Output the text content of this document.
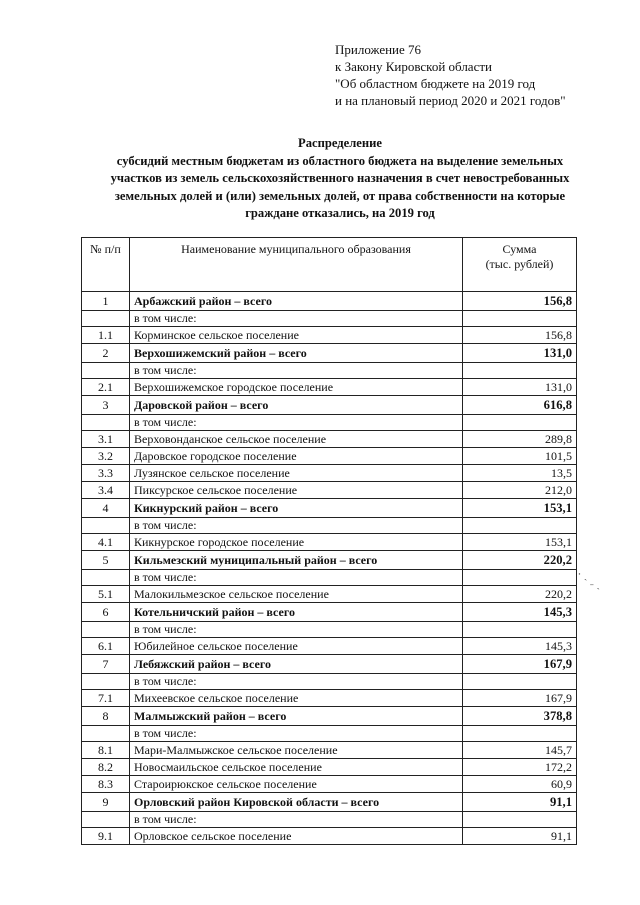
Приложение 76
к Закону Кировской области
"Об областном бюджете на 2019 год
и на плановый период 2020 и 2021 годов"
Распределение
субсидий местным бюджетам из областного бюджета на выделение земельных
участков из земель сельскохозяйственного назначения в счет невостребованных
земельных долей и (или) земельных долей, от права собственности на которые
граждане отказались, на 2019 год
№ п/п	Наименование муниципального образования	Сумма
(тыс. рублей)

1	Арбажский район – всего	156,8
	в том числе:	
1.1	Корминское сельское поселение	156,8
2	Верхошижемский район – всего	131,0
	в том числе:	
2.1	Верхошижемское городское поселение	131,0
3	Даровской район – всего	616,8
	в том числе:	
3.1	Верховонданское сельское поселение	289,8
3.2	Даровское городское поселение	101,5
3.3	Лузянское сельское поселение	13,5
3.4	Пиксурское сельское поселение	212,0
4	Кикнурский район – всего	153,1
	в том числе:	
4.1	Кикнурское городское поселение	153,1
5	Кильмезский муниципальный район – всего	220,2
	в том числе:	
5.1	Малокильмезское сельское поселение	220,2
6	Котельничский район – всего	145,3
	в том числе:	
6.1	Юбилейное сельское поселение	145,3
7	Лебяжский район – всего	167,9
	в том числе:	
7.1	Михеевское сельское поселение	167,9
8	Малмыжский район – всего	378,8
	в том числе:	
8.1	Мари-Малмыжское сельское поселение	145,7
8.2	Новосмаильское сельское поселение	172,2
8.3	Староирюкское сельское поселение	60,9
9	Орловский район Кировской области – всего	91,1
	в том числе:	
9.1	Орловское сельское поселение	91,1
⸱ ˎ
˗ ˏ
